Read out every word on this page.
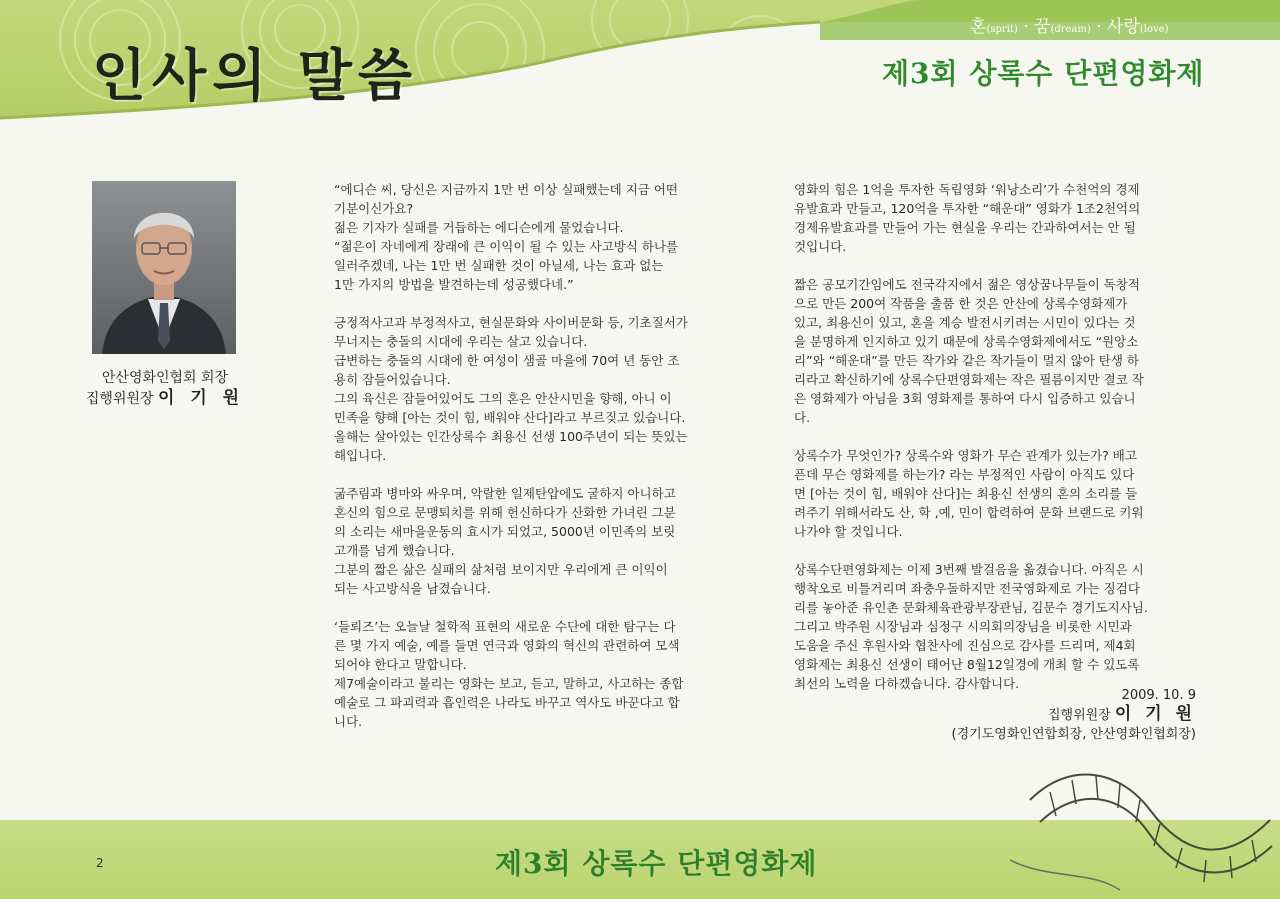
인사의 말씀
혼(sprit) · 꿈(dream) · 사랑(love)
제3회 상록수 단편영화제
안산영화인협회 회장
집행위원장 이 기 원

“에디슨 씨, 당신은 지금까지 1만 번 이상 실패했는데 지금 어떤
기분이신가요?
젊은 기자가 실패를 거듭하는 에디슨에게 물었습니다.
“젊은이 자네에게 장래에 큰 이익이 될 수 있는 사고방식 하나를
일러주겠네, 나는 1만 번 실패한 것이 아닐세, 나는 효과 없는
1만 가지의 방법을 발견하는데 성공했다네.”

긍정적사고과 부정적사고, 현실문화와 사이버문화 등, 기초질서가
무너지는 충돌의 시대에 우리는 살고 있습니다.
급변하는 충돌의 시대에 한 여성이 샘골 마을에 70여 년 동안 조
용히 잠들어있습니다.
그의 육신은 잠들어있어도 그의 혼은 안산시민을 향해, 아니 이
민족을 향해 [아는 것이 힘, 배워야 산다]라고 부르짖고 있습니다.
올해는 살아있는 인간상록수 최용신 선생 100주년이 되는 뜻있는
해입니다.

굶주림과 병마와 싸우며, 악랄한 일제탄압에도 굴하지 아니하고
혼신의 힘으로 문맹퇴치를 위해 헌신하다가 산화한 가녀린 그분
의 소리는 새마을운동의 효시가 되었고, 5000년 이민족의 보릿
고개를 넘게 했습니다.
그분의 짧은 삶은 실패의 삶처럼 보이지만 우리에게 큰 이익이
되는 사고방식을 남겼습니다.

‘들뢰즈’는 오늘날 철학적 표현의 새로운 수단에 대한 탐구는 다
른 몇 가지 예술, 예를 들면 연극과 영화의 혁신의 관련하여 모색
되어야 한다고 말합니다.
제7예술이라고 불리는 영화는 보고, 듣고, 말하고, 사고하는 종합
예술로 그 파괴력과 흡인력은 나라도 바꾸고 역사도 바꾼다고 합
니다.

영화의 힘은 1억을 투자한 독립영화 ‘워낭소리’가 수천억의 경제
유발효과 만들고, 120억을 투자한 “해운대” 영화가 1조2천억의
경제유발효과를 만들어 가는 현실을 우리는 간과하여서는 안 될
것입니다.

짧은 공모기간임에도 전국각지에서 젊은 영상꿈나무들이 독창적
으로 만든 200여 작품을 출품 한 것은 안산에 상록수영화제가
있고, 최용신이 있고, 혼을 계승 발전시키려는 시민이 있다는 것
을 분명하게 인지하고 있기 때문에 상록수영화제에서도 “원앙소
리”와 “해운대”를 만든 작가와 같은 작가들이 멀지 않아 탄생 하
리라고 확신하기에 상록수단편영화제는 작은 필름이지만 결코 작
은 영화제가 아님을 3회 영화제를 통하여 다시 입증하고 있습니
다.

상록수가 무엇인가? 상록수와 영화가 무슨 관계가 있는가? 배고
픈데 무슨 영화제를 하는가? 라는 부정적인 사람이 아직도 있다
면 [아는 것이 힘, 배워야 산다]는 최용신 선생의 혼의 소리를 들
려주기 위해서라도 산, 학 ,예, 민이 합력하여 문화 브랜드로 키워
나가야 할 것입니다.

상록수단편영화제는 이제 3번째 발걸음을 옮겼습니다. 아직은 시
행착오로 비틀거리며 좌충우돌하지만 전국영화제로 가는 징검다
리를 놓아준 유인촌 문화체육관광부장관님, 김문수 경기도지사님.
그리고 박주원 시장님과 심정구 시의회의장님을 비롯한 시민과
도움을 주신 후원사와 협찬사에 진심으로 감사를 드리며, 제4회
영화제는 최용신 선생이 태어난 8월12일경에 개최 할 수 있도록
최선의 노력을 다하겠습니다. 감사합니다.

2009. 10. 9
집행위원장 이 기 원
(경기도영화인연합회장, 안산영화인협회장)
2	제3회 상록수 단편영화제
